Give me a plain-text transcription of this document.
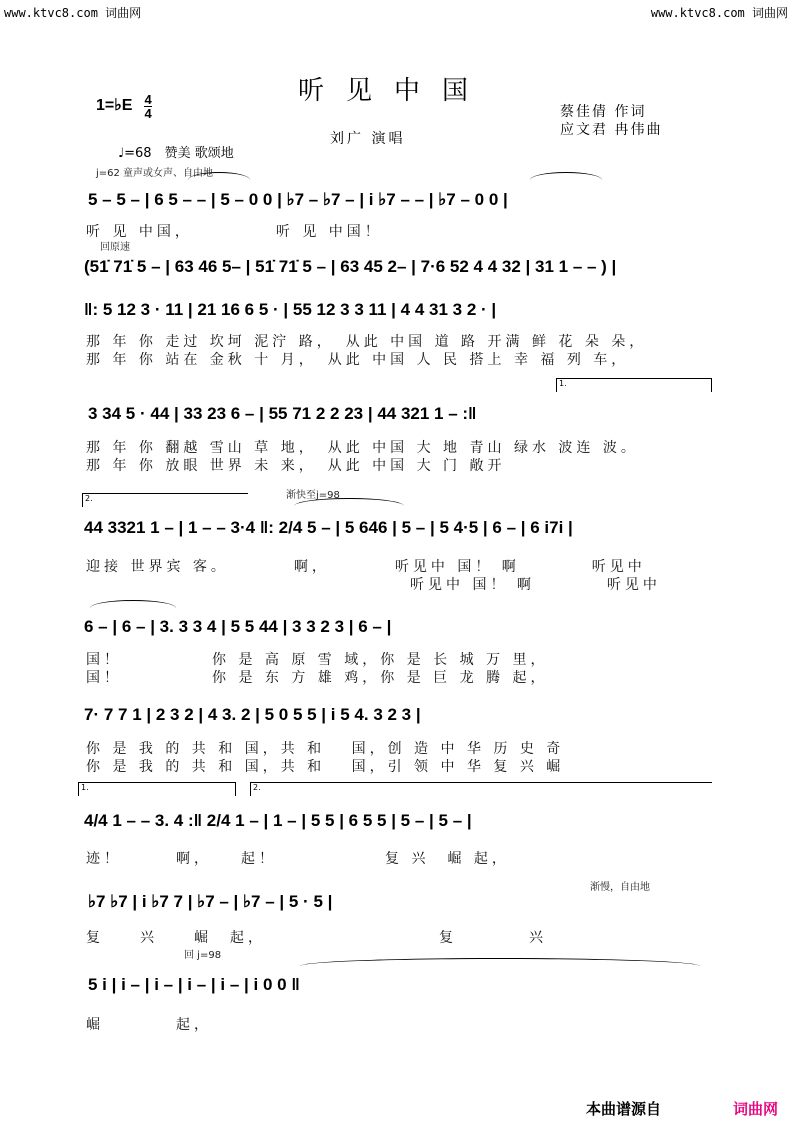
www.ktvc8.com 词曲网	www.ktvc8.com 词曲网
听见中国
1=♭E $\frac{4}{4}$	蔡佳倩 作词
应文君 冉伟曲
刘广 演唱
♩=68　赞美 歌颂地
j=62 童声或女声、自由地
回原速
渐快至j=98
渐慢，自由地
回 j=98
5 – 5 – | 6 5 – – | 5 – 0 0 | ♭7 – ♭7 – | i ♭7 – – | ♭7 – 0 0 |
听 见 中国，　　　　　听 见 中国！
(51̇ 71̇ 5 – | 63 46 5– | 51̇ 71̇ 5 – | 63 45 2– | 7·6 52 4 4 32 | 31 1 – – ) |
‖: 5 12 3 · 11 | 21 16 6 5 · | 55 12 3 3 11 | 4 4 31 3 2 · |
那 年 你 走过 坎坷 泥泞 路，　从此 中国 道 路 开满 鲜 花 朵 朵，
那 年 你 站在 金秋 十 月，　从此 中国 人 民 搭上 幸 福 列 车，
1.
3 34 5 · 44 | 33 23 6 – | 55 71 2 2 23 | 44 321 1 – :‖
那 年 你 翻越 雪山 草 地，　从此 中国 大 地 青山 绿水 波连 波。
那 年 你 放眼 世界 未 来，　从此 中国 大 门 敞开
2.
44 3321 1 – | 1 – – 3·4 ‖: 2/4 5 – | 5 646 | 5 – | 5 4·5 | 6 – | 6 i7i |
迎接 世界宾 客。　　　　啊，　　　　听见中 国！ 啊　　　　听见中
　　　　　　　　　　　　　　　　　　听见中 国！ 啊　　　　听见中
6 – | 6 – | 3. 3 3 4 | 5 5 44 | 3 3 2 3 | 6 – |
国！　　　　　你 是 高 原 雪 域，你 是 长 城 万 里，
国！　　　　　你 是 东 方 雄 鸡，你 是 巨 龙 腾 起，
7· 7 7 1 | 2 3 2 | 4 3. 2 | 5 0 5 5 | i 5 4. 3 2 3 |
你 是 我 的 共 和 国，共 和　 国，创 造 中 华 历 史 奇
你 是 我 的 共 和 国，共 和　 国，引 领 中 华 复 兴 崛
1.	2.
4/4 1 – – 3. 4 :‖ 2/4 1 – | 1 – | 5 5 | 6 5 5 | 5 – | 5 – |
迹！　　　啊，　　起！　　　　　　复 兴　崛 起，
♭7 ♭7 | i ♭7 7 | ♭7 – | ♭7 – | 5 · 5 |
复　　兴　　崛　起，　　　　　　　　　　复　　　　兴
5 i | i – | i – | i – | i – | i 0 0 ‖
崛　　　　起，
本曲谱源自	词曲网
